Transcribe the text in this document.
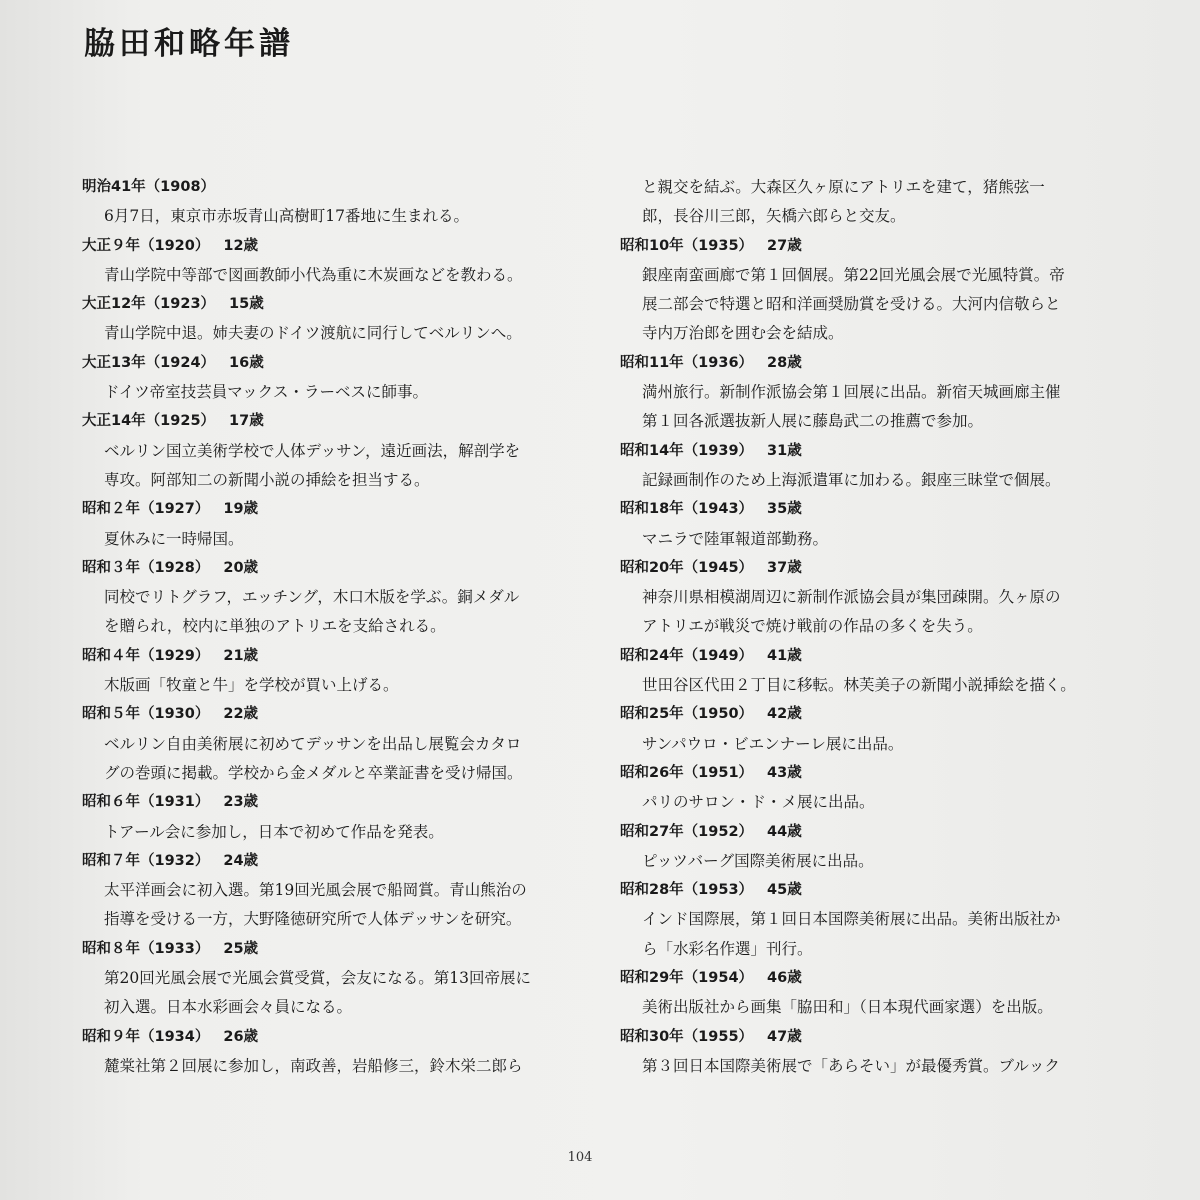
脇田和略年譜
明治41年（1908）
6月7日，東京市赤坂青山高樹町17番地に生まれる。
大正９年（1920） 12歳
青山学院中等部で図画教師小代為重に木炭画などを教わる。
大正12年（1923） 15歳
青山学院中退。姉夫妻のドイツ渡航に同行してベルリンへ。
大正13年（1924） 16歳
ドイツ帝室技芸員マックス・ラーベスに師事。
大正14年（1925） 17歳
ベルリン国立美術学校で人体デッサン，遠近画法，解剖学を
専攻。阿部知二の新聞小説の挿絵を担当する。
昭和２年（1927） 19歳
夏休みに一時帰国。
昭和３年（1928） 20歳
同校でリトグラフ，エッチング，木口木版を学ぶ。銅メダル
を贈られ，校内に単独のアトリエを支給される。
昭和４年（1929） 21歳
木版画「牧童と牛」を学校が買い上げる。
昭和５年（1930） 22歳
ベルリン自由美術展に初めてデッサンを出品し展覧会カタロ
グの巻頭に掲載。学校から金メダルと卒業証書を受け帰国。
昭和６年（1931） 23歳
トアール会に参加し，日本で初めて作品を発表。
昭和７年（1932） 24歳
太平洋画会に初入選。第19回光風会展で船岡賞。青山熊治の
指導を受ける一方，大野隆徳研究所で人体デッサンを研究。
昭和８年（1933） 25歳
第20回光風会展で光風会賞受賞，会友になる。第13回帝展に
初入選。日本水彩画会々員になる。
昭和９年（1934） 26歳
麓棠社第２回展に参加し，南政善，岩船修三，鈴木栄二郎ら
と親交を結ぶ。大森区久ヶ原にアトリエを建て，猪熊弦一
郎，長谷川三郎，矢橋六郎らと交友。
昭和10年（1935） 27歳
銀座南蛮画廊で第１回個展。第22回光風会展で光風特賞。帝
展二部会で特選と昭和洋画奨励賞を受ける。大河内信敬らと
寺内万治郎を囲む会を結成。
昭和11年（1936） 28歳
満州旅行。新制作派協会第１回展に出品。新宿天城画廊主催
第１回各派選抜新人展に藤島武二の推薦で参加。
昭和14年（1939） 31歳
記録画制作のため上海派遣軍に加わる。銀座三昧堂で個展。
昭和18年（1943） 35歳
マニラで陸軍報道部勤務。
昭和20年（1945） 37歳
神奈川県相模湖周辺に新制作派協会員が集団疎開。久ヶ原の
アトリエが戦災で焼け戦前の作品の多くを失う。
昭和24年（1949） 41歳
世田谷区代田２丁目に移転。林芙美子の新聞小説挿絵を描く。
昭和25年（1950） 42歳
サンパウロ・ビエンナーレ展に出品。
昭和26年（1951） 43歳
パリのサロン・ド・メ展に出品。
昭和27年（1952） 44歳
ピッツバーグ国際美術展に出品。
昭和28年（1953） 45歳
インド国際展，第１回日本国際美術展に出品。美術出版社か
ら「水彩名作選」刊行。
昭和29年（1954） 46歳
美術出版社から画集「脇田和」（日本現代画家選）を出版。
昭和30年（1955） 47歳
第３回日本国際美術展で「あらそい」が最優秀賞。ブルック
104
